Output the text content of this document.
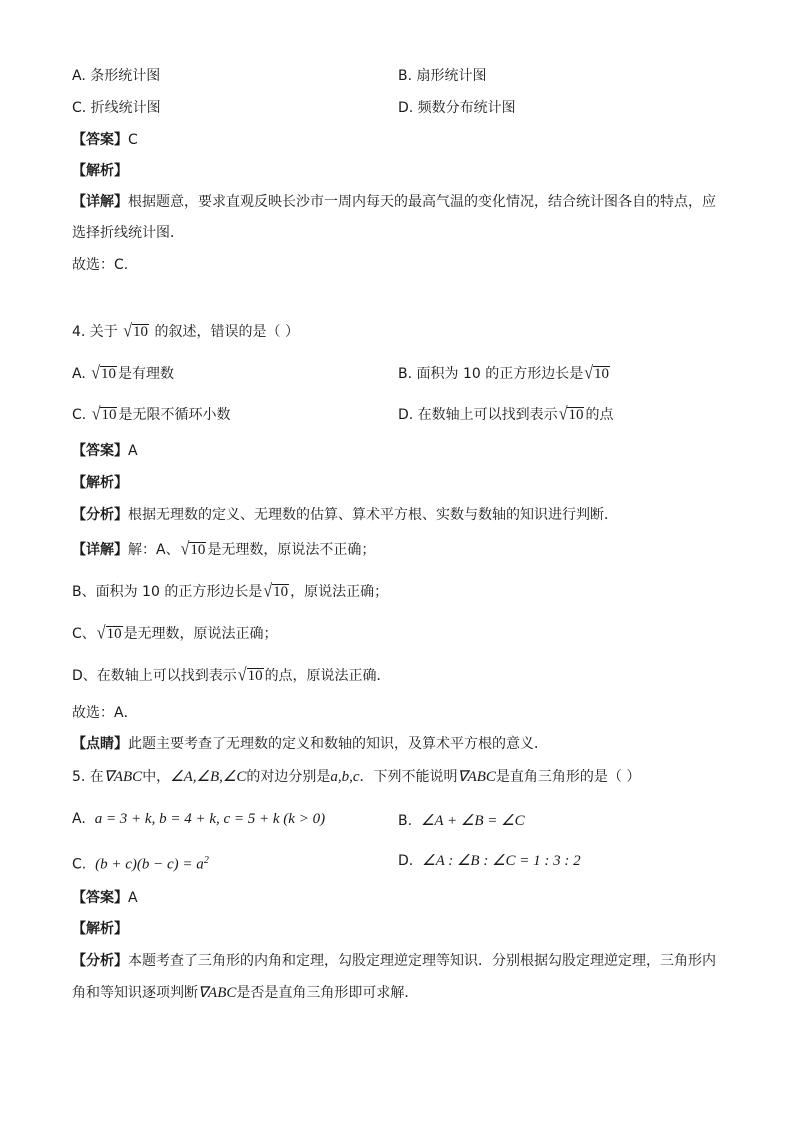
A. 条形统计图	B. 扇形统计图
C. 折线统计图	D. 频数分布统计图
【答案】C
【解析】
【详解】根据题意，要求直观反映长沙市一周内每天的最高气温的变化情况，结合统计图各自的特点，应
选择折线统计图．
故选：C.
4. 关于 √10 的叙述，错误的是（ ）
A. √10 是有理数	B. 面积为 10 的正方形边长是√10
C. √10 是无限不循环小数	D. 在数轴上可以找到表示√10 的点
【答案】A
【解析】
【分析】根据无理数的定义、无理数的估算、算术平方根、实数与数轴的知识进行判断．
【详解】解：A、√10 是无理数，原说法不正确；
B、面积为 10 的正方形边长是√10 ，原说法正确；
C、√10 是无理数，原说法正确；
D、在数轴上可以找到表示√10 的点，原说法正确．
故选：A．
【点睛】此题主要考查了无理数的定义和数轴的知识，及算术平方根的意义．
5. 在∇ABC中，∠A,∠B,∠C的对边分别是a,b,c．下列不能说明∇ABC是直角三角形的是（ ）
A. a = 3 + k, b = 4 + k, c = 5 + k (k > 0)	B. ∠A + ∠B = ∠C
C. $(b + c)(b - c) = a^2$	D. ∠A : ∠B : ∠C = 1 : 3 : 2
【答案】A
【解析】
【分析】本题考查了三角形的内角和定理，勾股定理逆定理等知识．分别根据勾股定理逆定理，三角形内
角和等知识逐项判断∇ABC是否是直角三角形即可求解．
